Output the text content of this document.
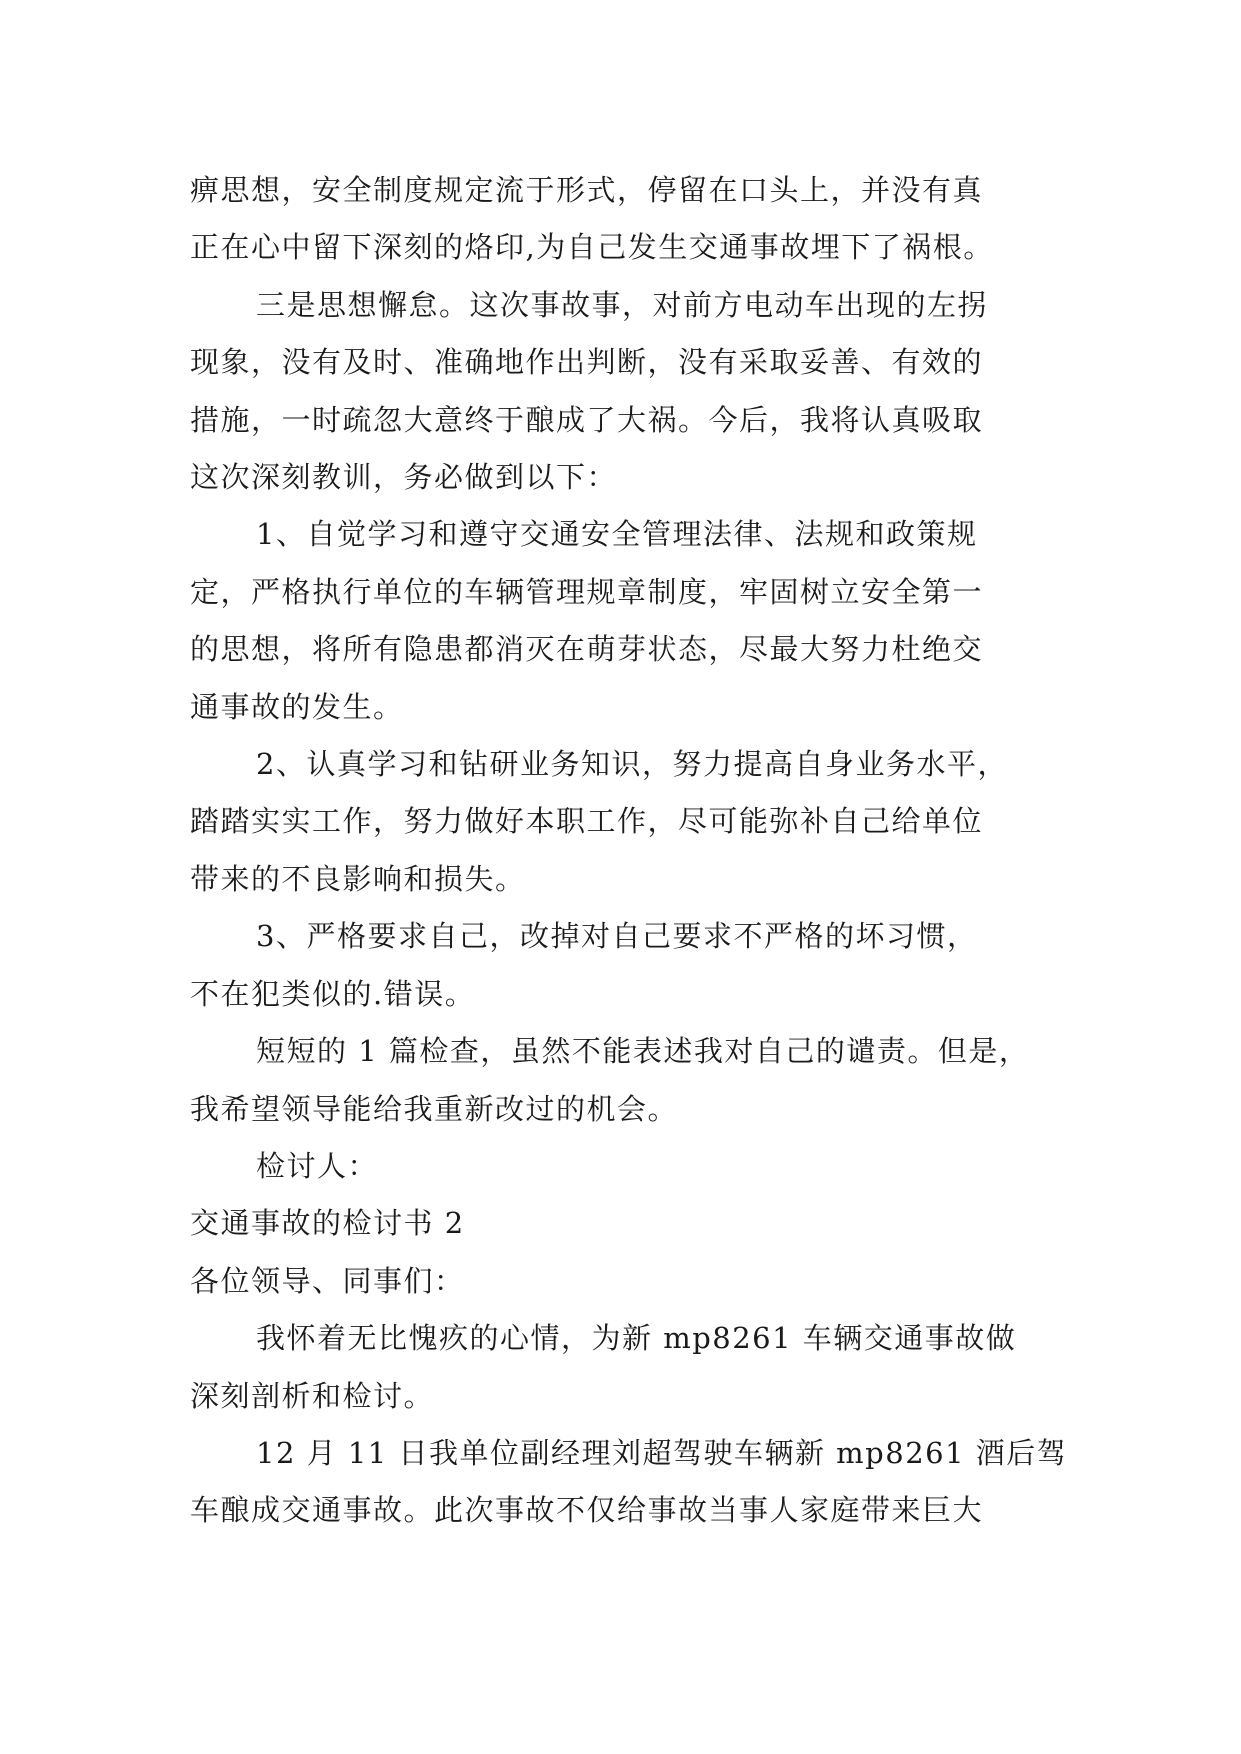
痹思想，安全制度规定流于形式，停留在口头上，并没有真
正在心中留下深刻的烙印,为自己发生交通事故埋下了祸根。
三是思想懈怠。这次事故事，对前方电动车出现的左拐
现象，没有及时、准确地作出判断，没有采取妥善、有效的
措施，一时疏忽大意终于酿成了大祸。今后，我将认真吸取
这次深刻教训，务必做到以下：
1、自觉学习和遵守交通安全管理法律、法规和政策规
定，严格执行单位的车辆管理规章制度，牢固树立安全第一
的思想，将所有隐患都消灭在萌芽状态，尽最大努力杜绝交
通事故的发生。
2、认真学习和钻研业务知识，努力提高自身业务水平，
踏踏实实工作，努力做好本职工作，尽可能弥补自己给单位
带来的不良影响和损失。
3、严格要求自己，改掉对自己要求不严格的坏习惯，
不在犯类似的.错误。
短短的 1 篇检查，虽然不能表述我对自己的谴责。但是，
我希望领导能给我重新改过的机会。
检讨人：
交通事故的检讨书 2
各位领导、同事们：
我怀着无比愧疚的心情，为新 mp8261 车辆交通事故做
深刻剖析和检讨。
12 月 11 日我单位副经理刘超驾驶车辆新 mp8261 酒后驾
车酿成交通事故。此次事故不仅给事故当事人家庭带来巨大
